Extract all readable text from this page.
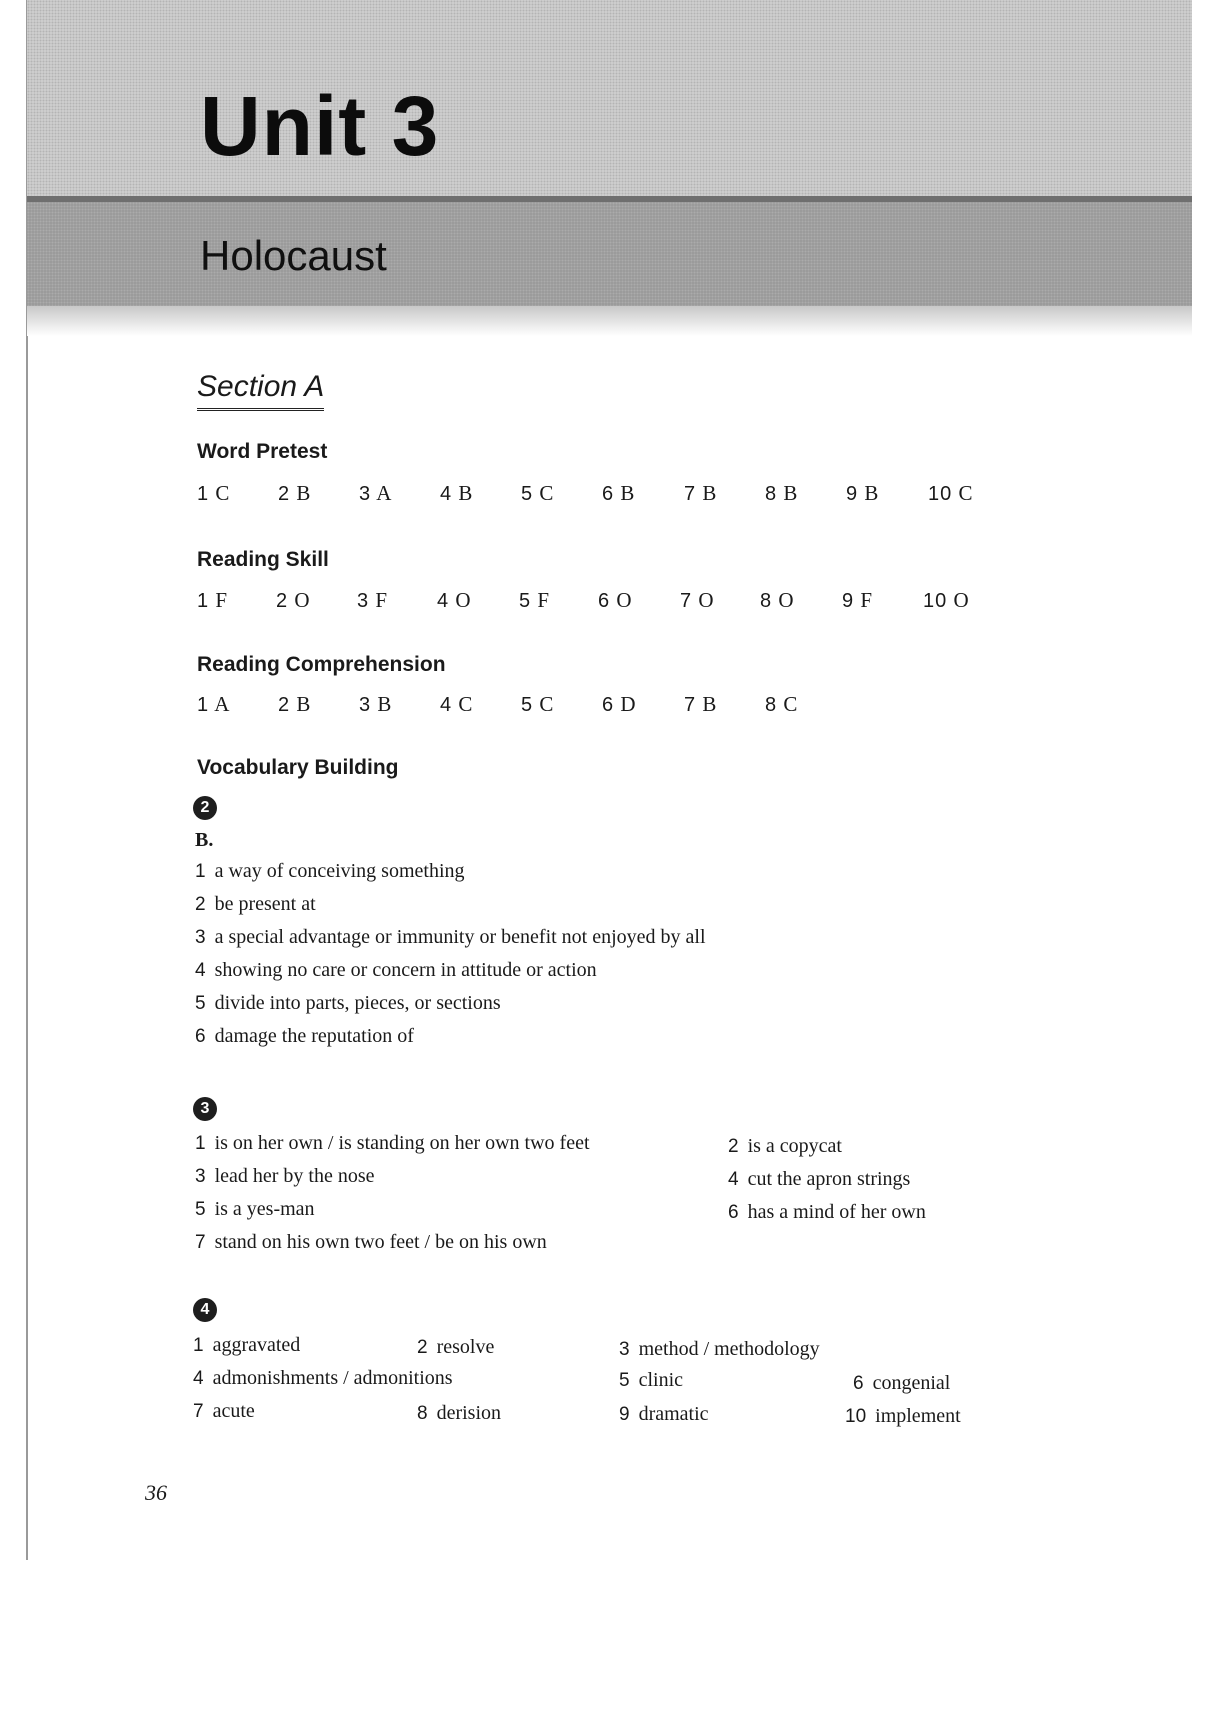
Unit 3
Holocaust
Section A
Word Pretest
1 C 2 B 3 A 4 B 5 C 6 B 7 B 8 B 9 B 10 C
Reading Skill
1 F 2 O 3 F 4 O 5 F 6 O 7 O 8 O 9 F 10 O
Reading Comprehension
1 A 2 B 3 B 4 C 5 C 6 D 7 B 8 C
Vocabulary Building
2
B.
1 a way of conceiving something
2 be present at
3 a special advantage or immunity or benefit not enjoyed by all
4 showing no care or concern in attitude or action
5 divide into parts, pieces, or sections
6 damage the reputation of
3
1 is on her own / is standing on her own two feet	2 is a copycat
3 lead her by the nose	4 cut the apron strings
5 is a yes-man	6 has a mind of her own
7 stand on his own two feet / be on his own
4
1 aggravated	2 resolve	3 method / methodology
4 admonishments / admonitions	5 clinic	6 congenial
7 acute	8 derision	9 dramatic	10 implement
36
